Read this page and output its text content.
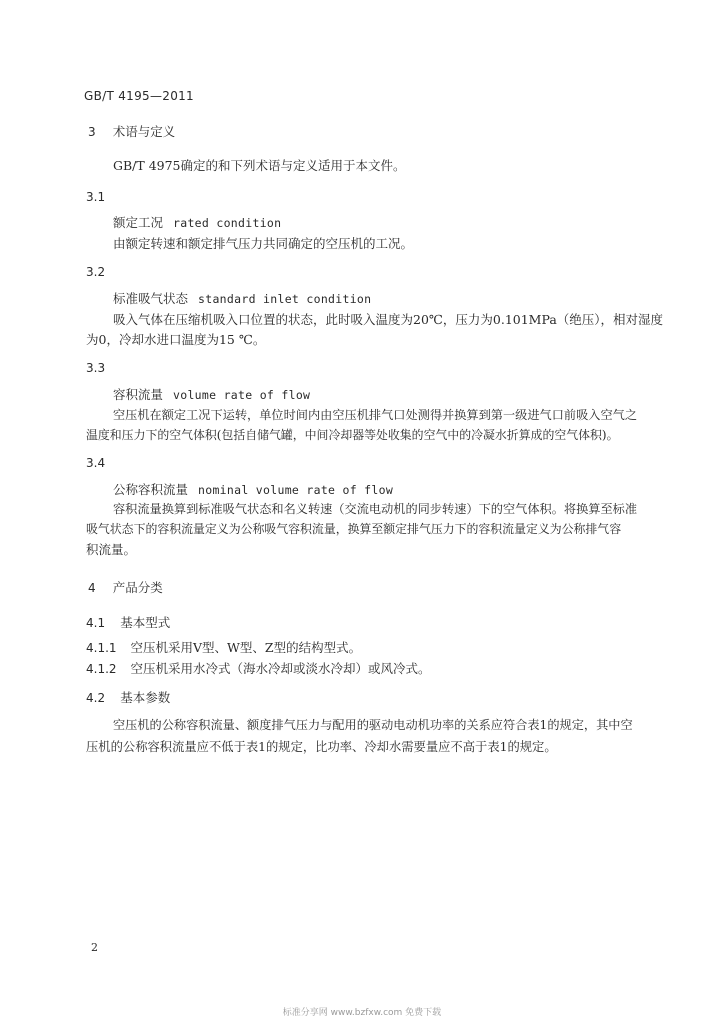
GB/T 4195—2011
3 术语与定义
GB/T 4975确定的和下列术语与定义适用于本文件。
3.1
额定工况 rated condition
由额定转速和额定排气压力共同确定的空压机的工况。
3.2
标准吸气状态 standard inlet condition
吸入气体在压缩机吸入口位置的状态，此时吸入温度为20℃，压力为0.101MPa（绝压），相对湿度
为0，冷却水进口温度为15 ℃。
3.3
容积流量 volume rate of flow
空压机在额定工况下运转，单位时间内由空压机排气口处测得并换算到第一级进气口前吸入空气之
温度和压力下的空气体积(包括自储气罐，中间冷却器等处收集的空气中的冷凝水折算成的空气体积)。
3.4
公称容积流量 nominal volume rate of flow
容积流量换算到标准吸气状态和名义转速（交流电动机的同步转速）下的空气体积。将换算至标准
吸气状态下的容积流量定义为公称吸气容积流量，换算至额定排气压力下的容积流量定义为公称排气容
积流量。
4 产品分类
4.1 基本型式
4.1.1 空压机采用V型、W型、Z型的结构型式。
4.1.2 空压机采用水冷式（海水冷却或淡水冷却）或风冷式。
4.2 基本参数
空压机的公称容积流量、额度排气压力与配用的驱动电动机功率的关系应符合表1的规定，其中空
压机的公称容积流量应不低于表1的规定，比功率、冷却水需要量应不高于表1的规定。
2
标准分享网 www.bzfxw.com 免费下载
